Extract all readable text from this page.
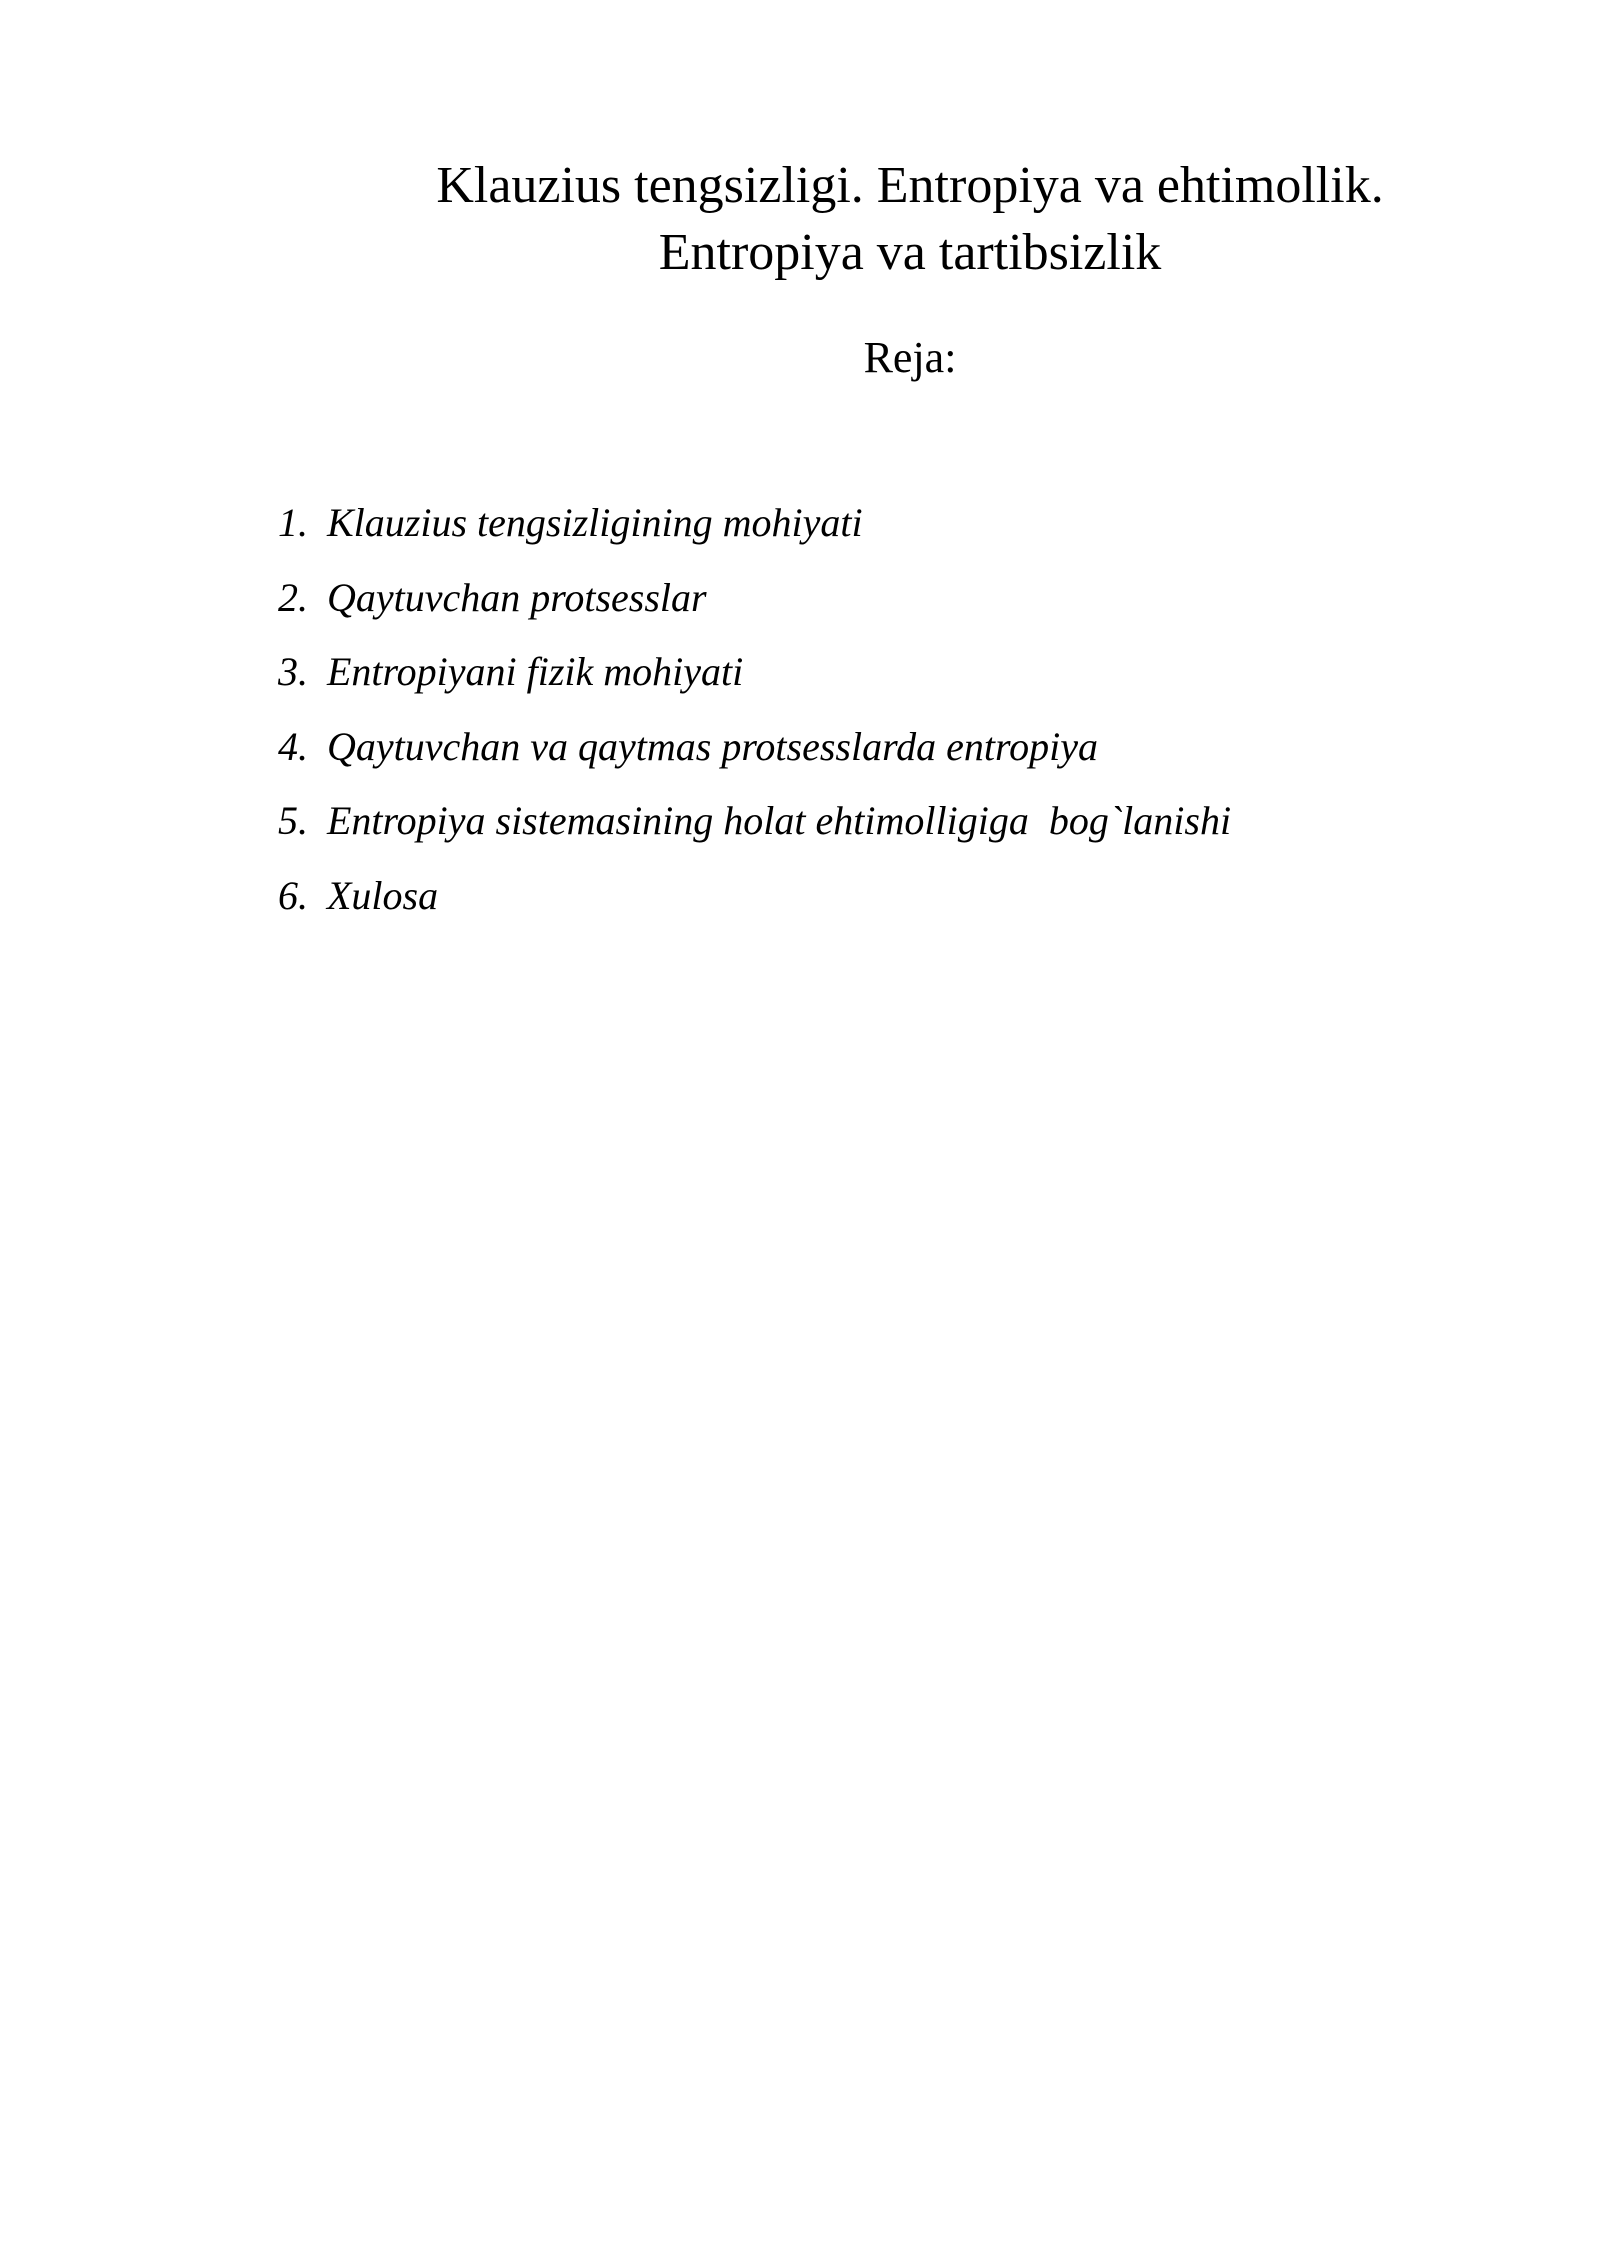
Klauzius tengsizligi. Entropiya va ehtimollik.
Entropiya va tartibsizlik

Reja:

1. Klauzius tengsizligining mohiyati
2. Qaytuvchan protsesslar
3. Entropiyani fizik mohiyati
4. Qaytuvchan va qaytmas protsesslarda entropiya
5. Entropiya sistemasining holat ehtimolligiga  bog`lanishi
6. Xulosa
